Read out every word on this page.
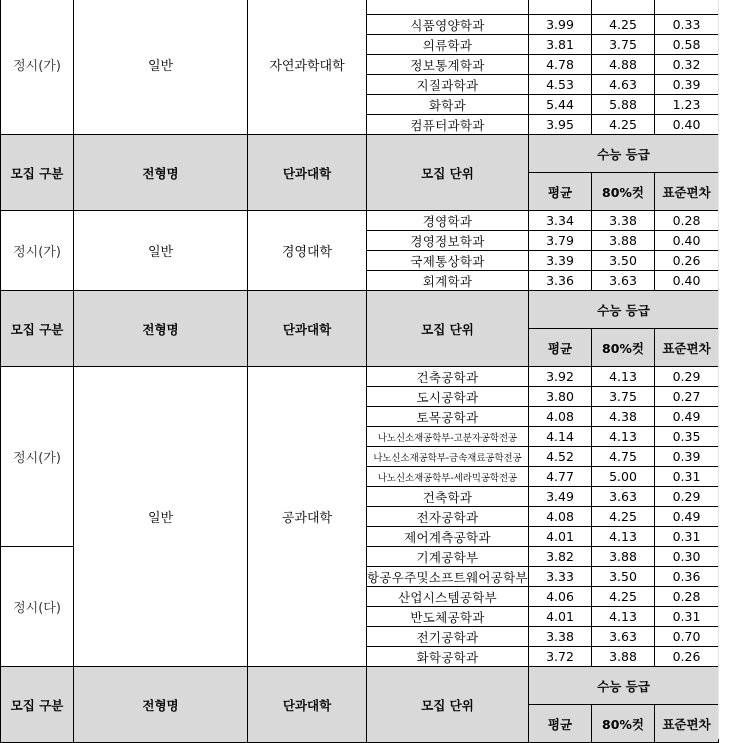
정시(가)	일반	자연과학대학				
			식품영양학과	3.99	4.25	0.33
			의류학과	3.81	3.75	0.58
			정보통계학과	4.78	4.88	0.32
			지질과학과	4.53	4.63	0.39
			화학과	5.44	5.88	1.23
			컴퓨터과학과	3.95	4.25	0.40
모집 구분	전형명	단과대학	모집 단위	수능 등급		
				평균	80%컷	표준편차
정시(가)	일반	경영대학	경영학과	3.34	3.38	0.28
			경영정보학과	3.79	3.88	0.40
			국제통상학과	3.39	3.50	0.26
			회계학과	3.36	3.63	0.40
모집 구분	전형명	단과대학	모집 단위	수능 등급		
				평균	80%컷	표준편차
정시(가)	일반	공과대학	건축공학과	3.92	4.13	0.29
			도시공학과	3.80	3.75	0.27
			토목공학과	4.08	4.38	0.49
			나노신소재공학부-고분자공학전공	4.14	4.13	0.35
			나노신소재공학부-금속재료공학전공	4.52	4.75	0.39
			나노신소재공학부-세라믹공학전공	4.77	5.00	0.31
			건축학과	3.49	3.63	0.29
			전자공학과	4.08	4.25	0.49
			제어계측공학과	4.01	4.13	0.31
정시(다)			기계공학부	3.82	3.88	0.30
			항공우주및소프트웨어공학부	3.33	3.50	0.36
			산업시스템공학부	4.06	4.25	0.28
			반도체공학과	4.01	4.13	0.31
			전기공학과	3.38	3.63	0.70
			화학공학과	3.72	3.88	0.26
모집 구분	전형명	단과대학	모집 단위	수능 등급		
				평균	80%컷	표준편차
